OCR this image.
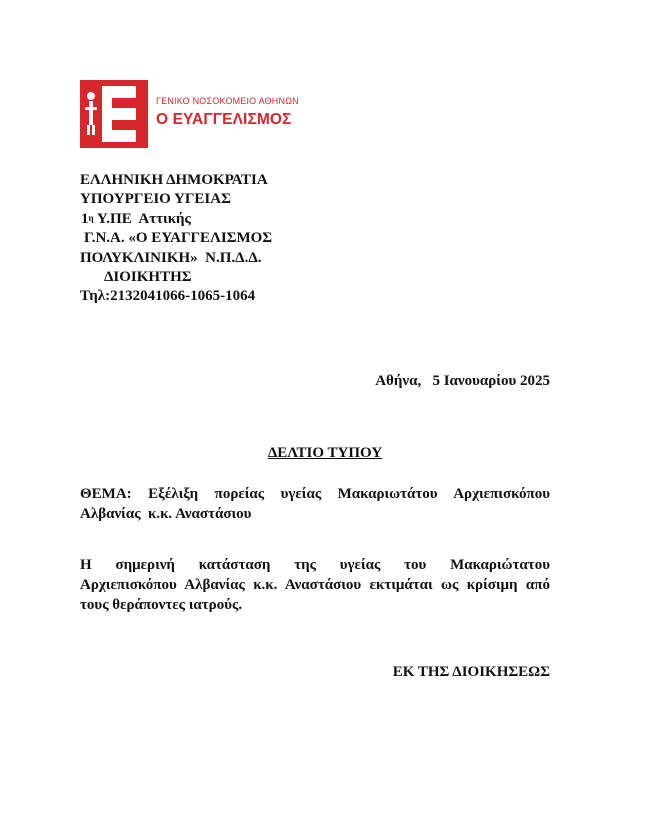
ΓΕΝΙΚΟ ΝΟΣΟΚΟΜΕΙΟ ΑΘΗΝΩΝ
Ο ΕΥΑΓΓΕΛΙΣΜΟΣ
ΕΛΛΗΝΙΚΗ ΔΗΜΟΚΡΑΤΙΑ
ΥΠΟΥΡΓΕΙΟ ΥΓΕΙΑΣ
$1^\eta$ Υ.ΠΕ  Αττικής
Γ.Ν.Α. «Ο ΕΥΑΓΓΕΛΙΣΜΟΣ
ΠΟΛΥΚΛΙΝΙΚΗ»  Ν.Π.Δ.Δ.
ΔΙΟΙΚΗΤΗΣ
Τηλ:2132041066-1065-1064
Αθήνα,   5 Ιανουαρίου 2025
ΔΕΛΤΙΟ ΤΥΠΟΥ
ΘΕΜΑ: Εξέλιξη πορείας υγείας Μακαριωτάτου Αρχιεπισκόπου
Αλβανίας  κ.κ. Αναστάσιου
Η σημερινή κατάσταση της υγείας του Μακαριώτατου
Αρχιεπισκόπου Αλβανίας κ.κ. Αναστάσιου εκτιμάται ως κρίσιμη από
τους θεράποντες ιατρούς.
ΕΚ ΤΗΣ ΔΙΟΙΚΗΣΕΩΣ
